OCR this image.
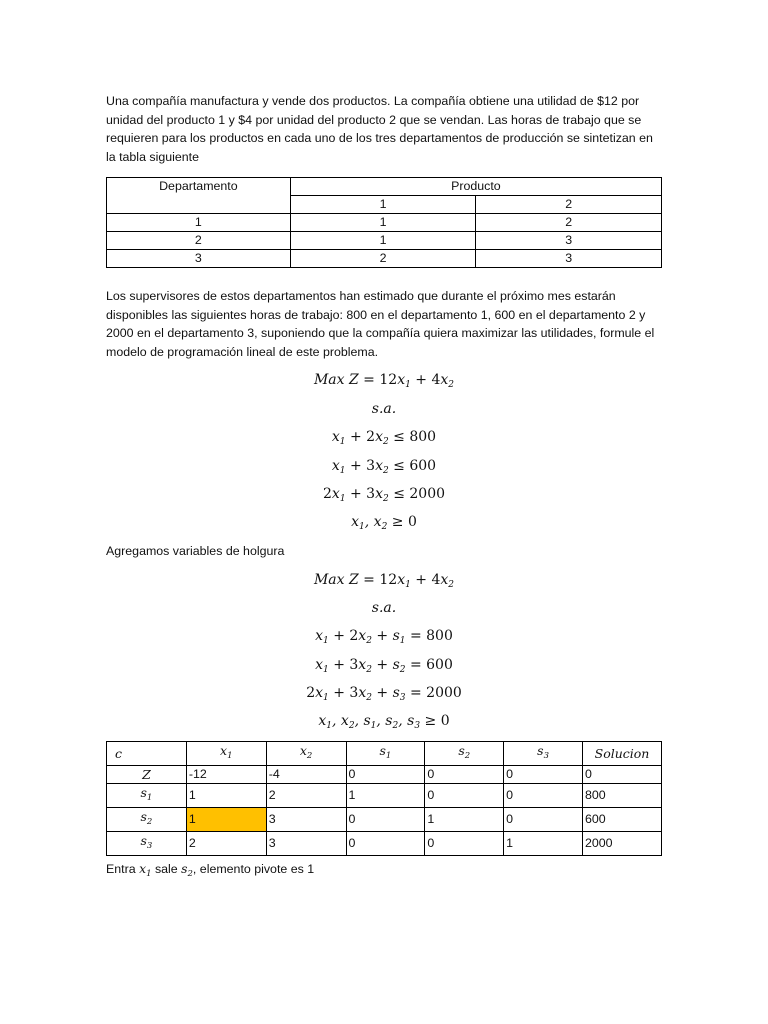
Una compañía manufactura y vende dos productos. La compañía obtiene una utilidad de $12 por unidad del producto 1 y $4 por unidad del producto 2 que se vendan. Las horas de trabajo que se requieren para los productos en cada uno de los tres departamentos de producción se sintetizan en la tabla siguiente

Departamento	Producto	
	1	2
1	1	2
2	1	3
3	2	3

Los supervisores de estos departamentos han estimado que durante el próximo mes estarán disponibles las siguientes horas de trabajo: 800 en el departamento 1, 600 en el departamento 2 y 2000 en el departamento 3, suponiendo que la compañía quiera maximizar las utilidades, formule el modelo de programación lineal de este problema.

Max $Z = 12x_1 + 4x_2$
s.a.
$x_1 + 2x_2 \le 800$
$x_1 + 3x_2 \le 600$
$2x_1 + 3x_2 \le 2000$
$x_1$, $x_2 \ge 0$

Agregamos variables de holgura

Max $Z = 12x_1 + 4x_2$
s.a.
$x_1 + 2x_2 + s_1 = 800$
$x_1 + 3x_2 + s_2 = 600$
$2x_1 + 3x_2 + s_3 = 2000$
$x_1$, $x_2$, $s_1$, $s_2$, $s_3 \ge 0$
c	$x_1$	$x_2$	$s_1$	$s_2$	$s_3$	Solucion
Z	-12	-4	0	0	0	0
$s_1$	1	2	1	0	0	800
$s_2$	1	3	0	1	0	600
$s_3$	2	3	0	0	1	2000

Entra $x_1$ sale $s_2$, elemento pivote es 1
